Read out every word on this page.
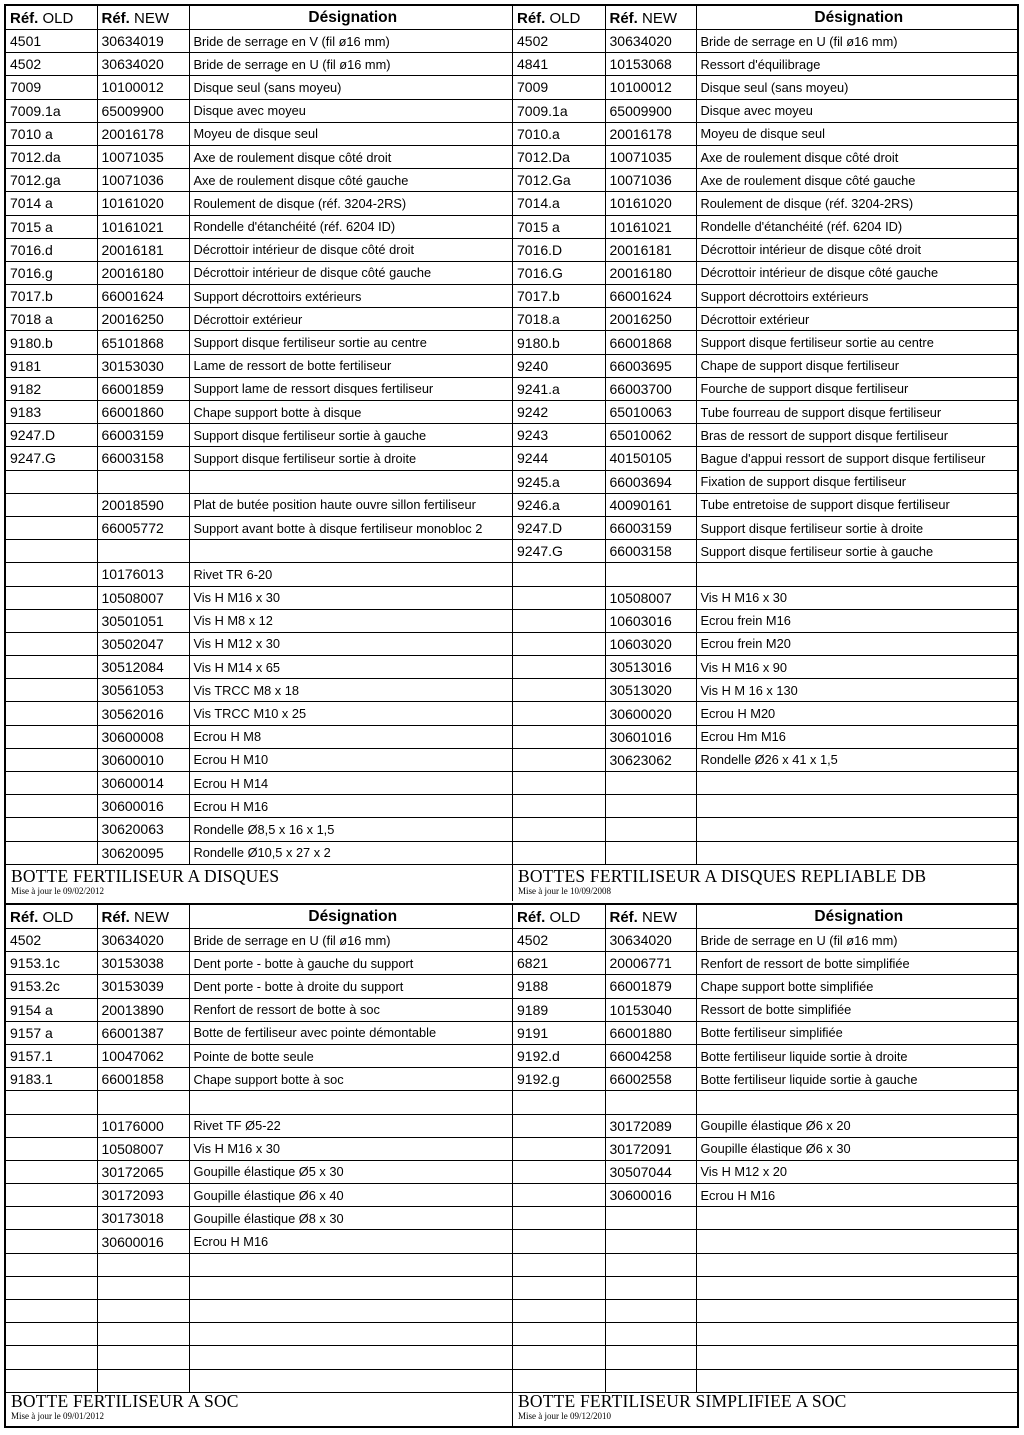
Réf. OLD	Réf. NEW	Désignation
4501	30634019	Bride de serrage en V (fil ø16 mm)
4502	30634020	Bride de serrage en U (fil ø16 mm)
7009	10100012	Disque seul (sans moyeu)
7009.1a	65009900	Disque avec moyeu
7010 a	20016178	Moyeu de disque seul
7012.da	10071035	Axe de roulement disque côté droit
7012.ga	10071036	Axe de roulement disque côté gauche
7014 a	10161020	Roulement de disque (réf. 3204-2RS)
7015 a	10161021	Rondelle d'étanchéité (réf. 6204 ID)
7016.d	20016181	Décrottoir intérieur de disque côté droit
7016.g	20016180	Décrottoir intérieur de disque côté gauche
7017.b	66001624	Support décrottoirs extérieurs
7018 a	20016250	Décrottoir extérieur
9180.b	65101868	Support disque fertiliseur sortie au centre
9181	30153030	Lame de ressort de botte fertiliseur
9182	66001859	Support lame de ressort disques fertiliseur
9183	66001860	Chape support botte à disque
9247.D	66003159	Support disque fertiliseur sortie à gauche
9247.G	66003158	Support disque fertiliseur sortie à droite

	20018590	Plat de butée position haute ouvre sillon fertiliseur
	66005772	Support avant botte à disque fertiliseur monobloc 2

	10176013	Rivet TR 6-20
	10508007	Vis H M16 x 30
	30501051	Vis H M8 x 12
	30502047	Vis H M12 x 30
	30512084	Vis H M14 x 65
	30561053	Vis TRCC M8 x 18
	30562016	Vis TRCC M10 x 25
	30600008	Ecrou H M8
	30600010	Ecrou H M10
	30600014	Ecrou H M14
	30600016	Ecrou H M16
	30620063	Rondelle Ø8,5 x 16 x 1,5
	30620095	Rondelle Ø10,5 x 27 x 2
BOTTE FERTILISEUR A DISQUES
Mise à jour le 09/02/2012
Réf. OLD	Réf. NEW	Désignation
4502	30634020	Bride de serrage en U (fil ø16 mm)
4841	10153068	Ressort d'équilibrage
7009	10100012	Disque seul (sans moyeu)
7009.1a	65009900	Disque avec moyeu
7010.a	20016178	Moyeu de disque seul
7012.Da	10071035	Axe de roulement disque côté droit
7012.Ga	10071036	Axe de roulement disque côté gauche
7014.a	10161020	Roulement de disque (réf. 3204-2RS)
7015 a	10161021	Rondelle d'étanchéité (réf. 6204 ID)
7016.D	20016181	Décrottoir intérieur de disque côté droit
7016.G	20016180	Décrottoir intérieur de disque côté gauche
7017.b	66001624	Support décrottoirs extérieurs
7018.a	20016250	Décrottoir extérieur
9180.b	66001868	Support disque fertiliseur sortie au centre
9240	66003695	Chape de support disque fertiliseur
9241.a	66003700	Fourche de support disque fertiliseur
9242	65010063	Tube fourreau de support disque fertiliseur
9243	65010062	Bras de ressort de support disque fertiliseur
9244	40150105	Bague d'appui ressort de support disque fertiliseur
9245.a	66003694	Fixation de support disque fertiliseur
9246.a	40090161	Tube entretoise de support disque fertiliseur
9247.D	66003159	Support disque fertiliseur sortie à droite
9247.G	66003158	Support disque fertiliseur sortie à gauche

	10508007	Vis H M16 x 30
	10603016	Ecrou frein M16
	10603020	Ecrou frein M20
	30513016	Vis H M16 x 90
	30513020	Vis H M 16 x 130
	30600020	Ecrou H M20
	30601016	Ecrou Hm M16
	30623062	Rondelle Ø26 x 41 x 1,5

BOTTES FERTILISEUR A DISQUES REPLIABLE DB
Mise à jour le 10/09/2008
Réf. OLD	Réf. NEW	Désignation
4502	30634020	Bride de serrage en U (fil ø16 mm)
9153.1c	30153038	Dent porte - botte à gauche du support
9153.2c	30153039	Dent porte - botte à droite du support
9154 a	20013890	Renfort de ressort de botte à soc
9157 a	66001387	Botte de fertiliseur avec pointe démontable
9157.1	10047062	Pointe de botte seule
9183.1	66001858	Chape support botte à soc

	10176000	Rivet TF Ø5-22
	10508007	Vis H M16 x 30
	30172065	Goupille élastique Ø5 x 30
	30172093	Goupille élastique Ø6 x 40
	30173018	Goupille élastique Ø8 x 30
	30600016	Ecrou H M16

BOTTE FERTILISEUR A SOC
Mise à jour le 09/01/2012
Réf. OLD	Réf. NEW	Désignation
4502	30634020	Bride de serrage en U (fil ø16 mm)
6821	20006771	Renfort de ressort de botte simplifiée
9188	66001879	Chape support botte simplifiée
9189	10153040	Ressort de botte simplifiée
9191	66001880	Botte fertiliseur simplifiée
9192.d	66004258	Botte fertiliseur liquide sortie à droite
9192.g	66002558	Botte fertiliseur liquide sortie à gauche

	30172089	Goupille élastique Ø6 x 20
	30172091	Goupille élastique Ø6 x 30
	30507044	Vis H M12 x 20
	30600016	Ecrou H M16

BOTTE FERTILISEUR SIMPLIFIEE A SOC
Mise à jour le 09/12/2010
